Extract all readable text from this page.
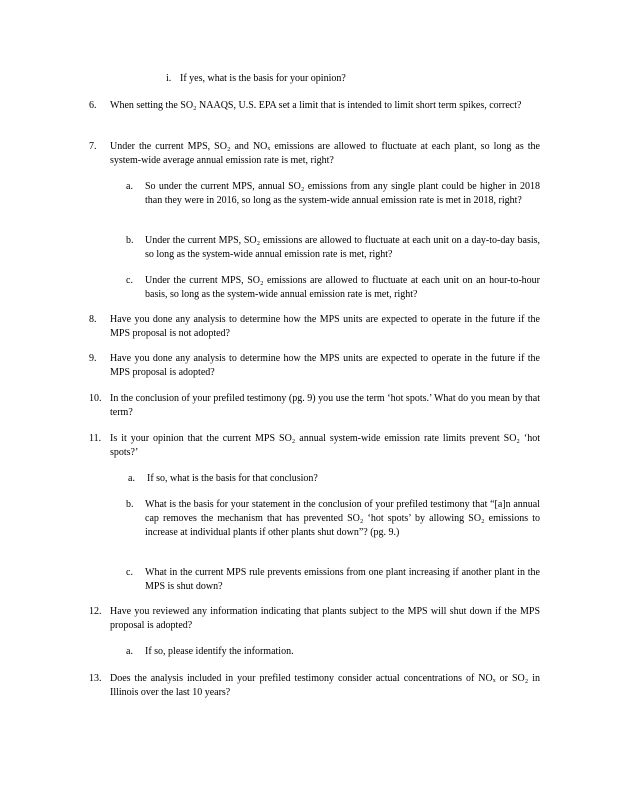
i. If yes, what is the basis for your opinion?
6.	When setting the SO₂ NAAQS, U.S. EPA set a limit that is intended to limit short term spikes, correct?
7.	Under the current MPS, SO₂ and NOₓ emissions are allowed to fluctuate at each plant, so long as the system-wide average annual emission rate is met, right?
a.	So under the current MPS, annual SO₂ emissions from any single plant could be higher in 2018 than they were in 2016, so long as the system-wide annual emission rate is met in 2018, right?
b.	Under the current MPS, SO₂ emissions are allowed to fluctuate at each unit on a day-to-day basis, so long as the system-wide annual emission rate is met, right?
c.	Under the current MPS, SO₂ emissions are allowed to fluctuate at each unit on an hour-to-hour basis, so long as the system-wide annual emission rate is met, right?
8.	Have you done any analysis to determine how the MPS units are expected to operate in the future if the MPS proposal is not adopted?
9.	Have you done any analysis to determine how the MPS units are expected to operate in the future if the MPS proposal is adopted?
10. In the conclusion of your prefiled testimony (pg. 9) you use the term ‘hot spots.’ What do you mean by that term?
11. Is it your opinion that the current MPS SO₂ annual system-wide emission rate limits prevent SO₂ ‘hot spots?’
a.	If so, what is the basis for that conclusion?
b.	What is the basis for your statement in the conclusion of your prefiled testimony that “[a]n annual cap removes the mechanism that has prevented SO₂ ‘hot spots’ by allowing SO₂ emissions to increase at individual plants if other plants shut down”? (pg. 9.)
c.	What in the current MPS rule prevents emissions from one plant increasing if another plant in the MPS is shut down?
12. Have you reviewed any information indicating that plants subject to the MPS will shut down if the MPS proposal is adopted?
a.	If so, please identify the information.
13. Does the analysis included in your prefiled testimony consider actual concentrations of NOₓ or SO₂ in Illinois over the last 10 years?
